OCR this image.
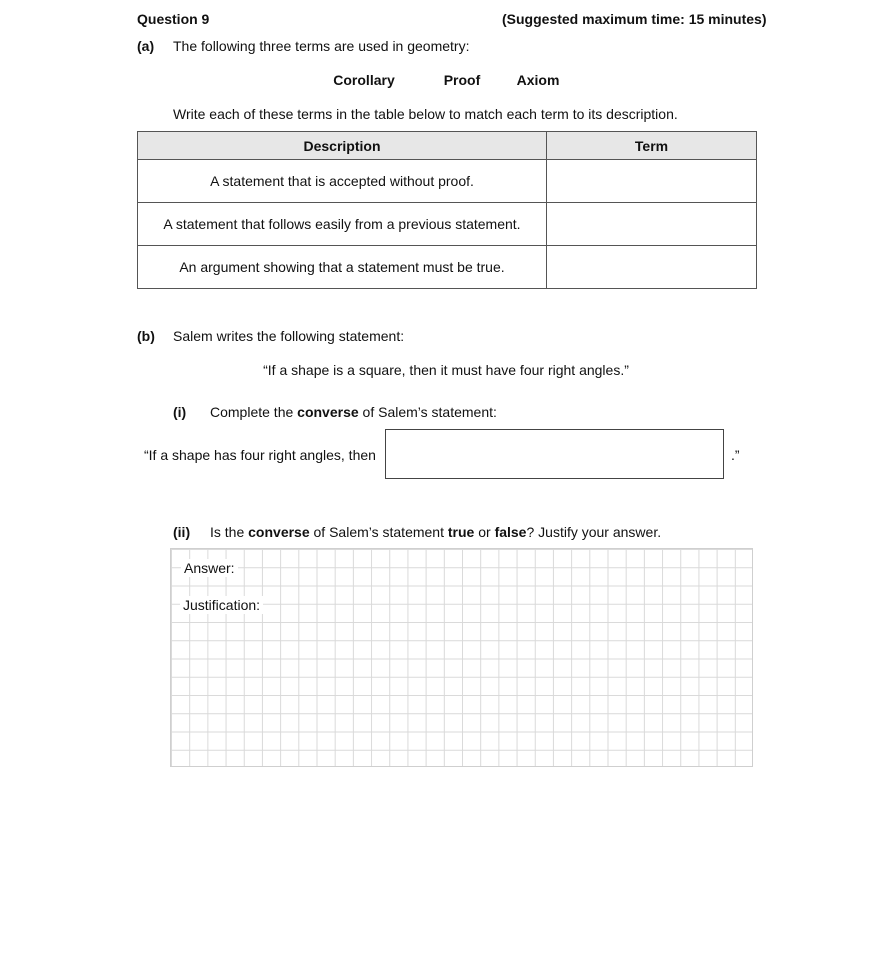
Question 9	(Suggested maximum time: 15 minutes)
(a) The following three terms are used in geometry:
Corollary	Proof	Axiom
Write each of these terms in the table below to match each term to its description.
Description	Term
A statement that is accepted without proof.	
A statement that follows easily from a previous statement.	
An argument showing that a statement must be true.	
(b) Salem writes the following statement:
“If a shape is a square, then it must have four right angles.”
(i) Complete the converse of Salem’s statement:
“If a shape has four right angles, then	.”
(ii) Is the converse of Salem’s statement true or false? Justify your answer.
Answer:
Justification:
